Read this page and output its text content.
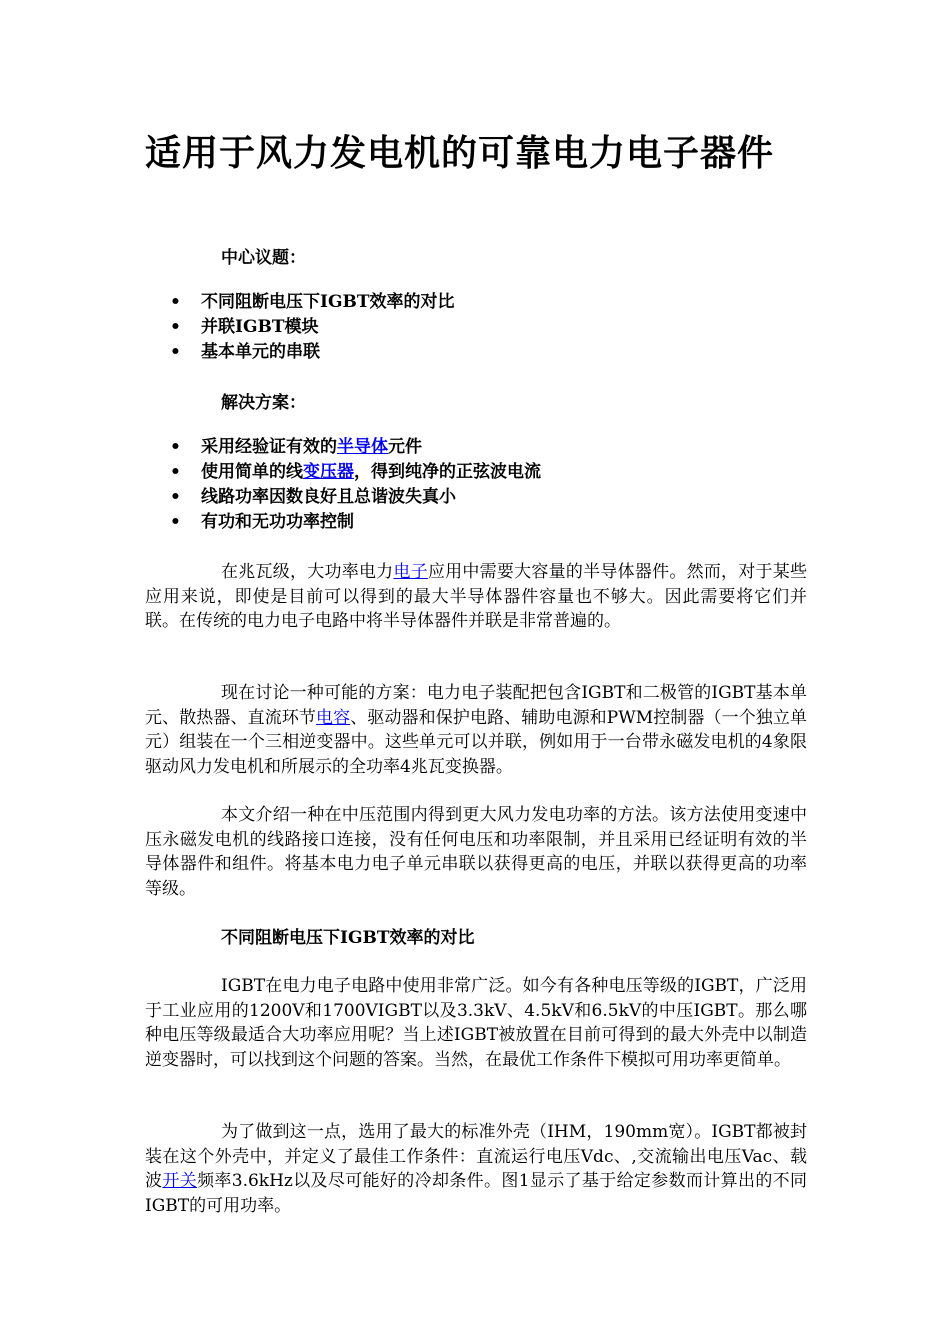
适用于风力发电机的可靠电力电子器件
中心议题：
• 不同阻断电压下IGBT效率的对比
• 并联IGBT模块
• 基本单元的串联
解决方案：
• 采用经验证有效的半导体元件
• 使用简单的线变压器，得到纯净的正弦波电流
• 线路功率因数良好且总谐波失真小
• 有功和无功功率控制

在兆瓦级，大功率电力电子应用中需要大容量的半导体器件。然而，对于某些应用来说，即使是目前可以得到的最大半导体器件容量也不够大。因此需要将它们并联。在传统的电力电子电路中将半导体器件并联是非常普遍的。

现在讨论一种可能的方案：电力电子装配把包含IGBT和二极管的IGBT基本单元、散热器、直流环节电容、驱动器和保护电路、辅助电源和PWM控制器（一个独立单元）组装在一个三相逆变器中。这些单元可以并联，例如用于一台带永磁发电机的4象限驱动风力发电机和所展示的全功率4兆瓦变换器。

本文介绍一种在中压范围内得到更大风力发电功率的方法。该方法使用变速中压永磁发电机的线路接口连接，没有任何电压和功率限制，并且采用已经证明有效的半导体器件和组件。将基本电力电子单元串联以获得更高的电压，并联以获得更高的功率等级。

不同阻断电压下IGBT效率的对比

IGBT在电力电子电路中使用非常广泛。如今有各种电压等级的IGBT，广泛用于工业应用的1200V和1700VIGBT以及3.3kV、4.5kV和6.5kV的中压IGBT。那么哪种电压等级最适合大功率应用呢？当上述IGBT被放置在目前可得到的最大外壳中以制造逆变器时，可以找到这个问题的答案。当然，在最优工作条件下模拟可用功率更简单。

为了做到这一点，选用了最大的标准外壳（IHM，190mm宽）。IGBT都被封装在这个外壳中，并定义了最佳工作条件：直流运行电压Vdc、,交流输出电压Vac、载波开关频率3.6kHz以及尽可能好的冷却条件。图1显示了基于给定参数而计算出的不同IGBT的可用功率。
